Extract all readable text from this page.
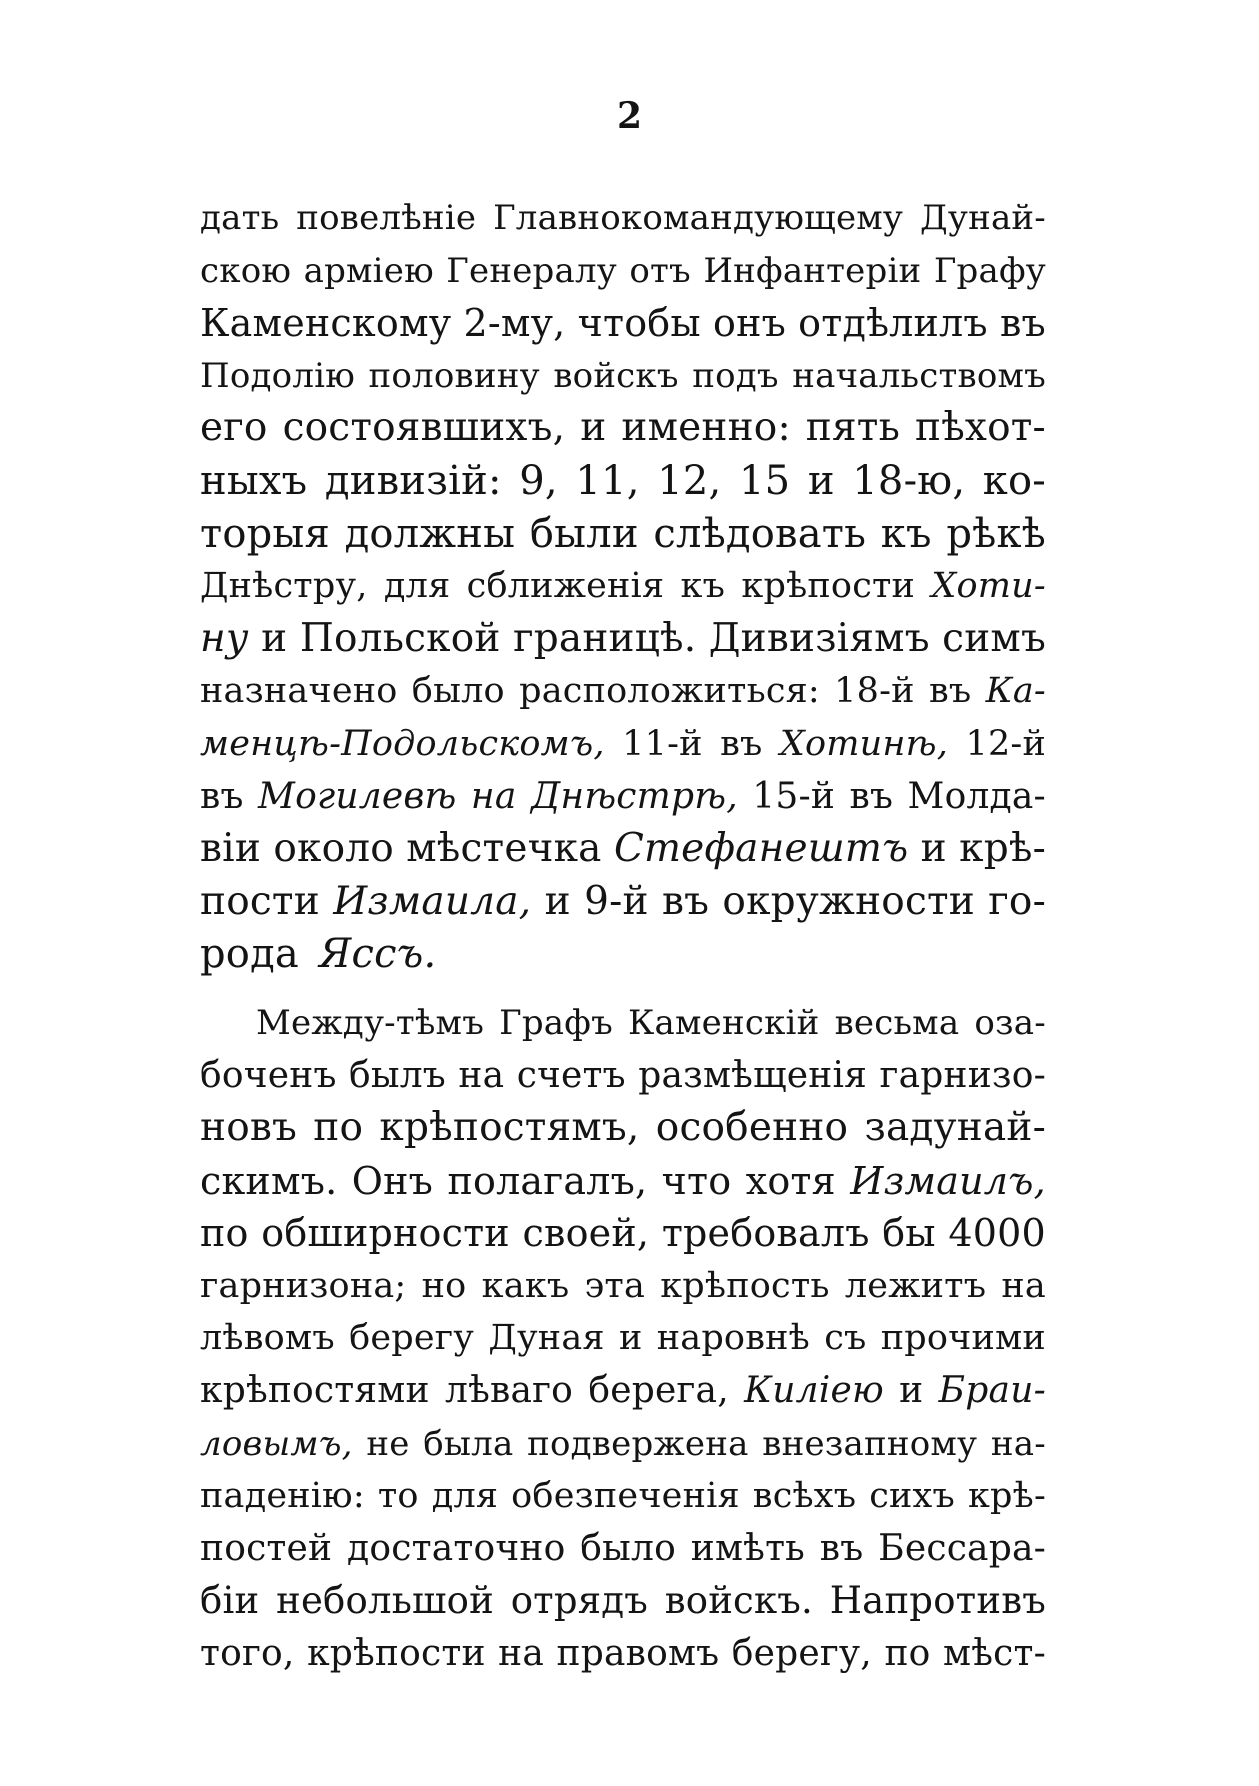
2
дать повелѣніе Главнокомандующему Дунай-
скою арміею Генералу отъ Инфантеріи Графу
Каменскому 2-му, чтобы онъ отдѣлилъ въ
Подолію половину войскъ подъ начальствомъ
его состоявшихъ, и именно: пять пѣхот-
ныхъ дивизій: 9, 11, 12, 15 и 18-ю, ко-
торыя должны были слѣдовать къ рѣкѣ
Днѣстру, для сближенія къ крѣпости Хоти-
ну и Польской границѣ. Дивизіямъ симъ
назначено было расположиться: 18-й въ Ка-
менцѣ-Подольскомъ, 11-й въ Хотинѣ, 12-й
въ Могилевѣ на Днѣстрѣ, 15-й въ Молда-
віи около мѣстечка Стефанештъ и крѣ-
пости Измаила, и 9-й въ окружности го-
рода Яссъ.
Между-тѣмъ Графъ Каменскій весьма оза-
боченъ былъ на счетъ размѣщенія гарнизо-
новъ по крѣпостямъ, особенно задунай-
скимъ. Онъ полагалъ, что хотя Измаилъ,
по обширности своей, требовалъ бы 4000
гарнизона; но какъ эта крѣпость лежитъ на
лѣвомъ берегу Дуная и наровнѣ съ прочими
крѣпостями лѣваго берега, Киліею и Браи-
ловымъ, не была подвержена внезапному на-
паденію: то для обезпеченія всѣхъ сихъ крѣ-
постей достаточно было имѣть въ Бессара-
біи небольшой отрядъ войскъ. Напротивъ
того, крѣпости на правомъ берегу, по мѣст-
